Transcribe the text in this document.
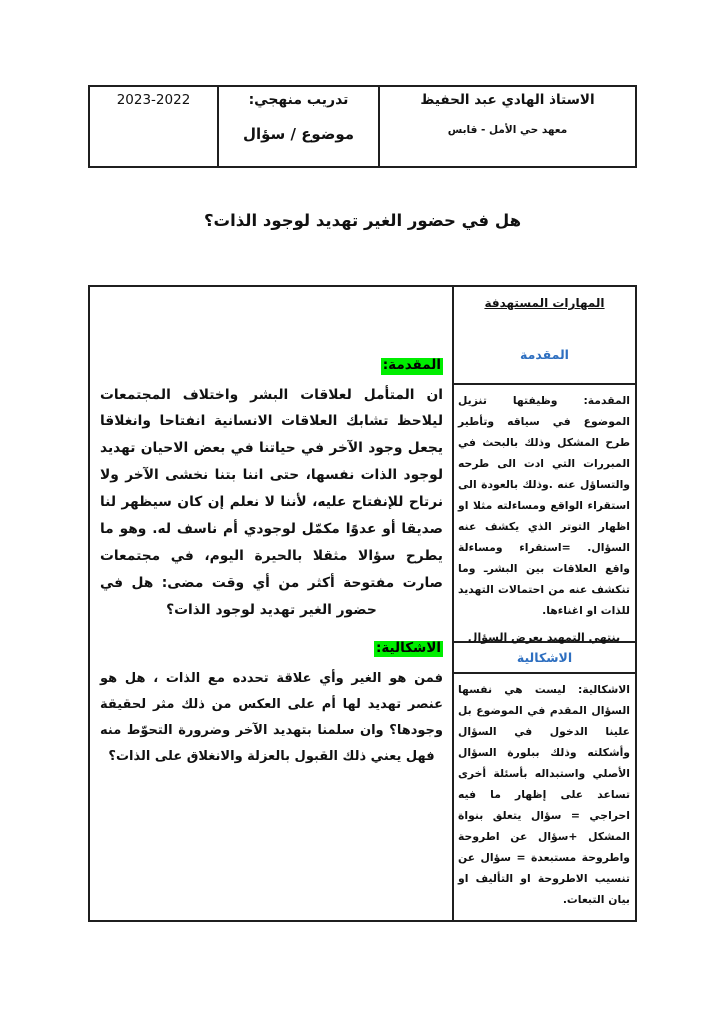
الاستاذ الهادي عبد الحفيظ
معهد حي الأمل - قابس
تدريب منهجي:
موضوع / سؤال
2023-2022
هل في حضور الغير تهديد لوجود الذات؟
المهارات المستهدفة
المقدمة
المقدمة: وظيفتها تنزيل الموضوع في سياقه وتأطير طرح المشكل وذلك بالبحث في المبررات التي ادت الى طرحه والتساؤل عنه .وذلك بالعودة الى استقراء الواقع ومساءلته مثلا او اظهار التوتر الذي يكشف عنه السؤال. =استقراء ومساءلة واقع العلاقات بين البشرـ وما تنكشف عنه من احتمالات التهديد للذات او اغناءها.
ينتهي التمهيد بعرض السؤال
الاشكالية
الاشكالية: ليست هي نفسها السؤال المقدم في الموضوع بل علينا الدخول في السؤال وأشكلته وذلك ببلورة السؤال الأصلي واستبداله بأسئلة أخرى تساعد على إظهار ما فيه احراجي = سؤال يتعلق بنواة المشكل +سؤال عن اطروحة واطروحة مستبعدة = سؤال عن تنسيب الاطروحة او التأليف او بيان التبعات.
المقدمة:
ان المتأمل لعلاقات البشر واختلاف المجتمعات ليلاحظ تشابك العلاقات الانسانية انفتاحا وانغلاقا يجعل وجود الآخر في حياتنا في بعض الاحيان تهديد لوجود الذات نفسها، حتى اننا بتنا نخشى الآخر ولا نرتاح للإنفتاح عليه، لأننا لا نعلم إن كان سيظهر لنا صديقا أو عدوًا مكمّل لوجودي أم ناسف له. وهو ما يطرح سؤالا مثقلا بالحيرة اليوم، في مجتمعات صارت مفتوحة أكثر من أي وقت مضى: هل في حضور الغير تهديد لوجود الذات؟
الاشكالية:
فمن هو الغير وأي علاقة تحدده مع الذات ، هل هو عنصر تهديد لها أم على العكس من ذلك مثر لحقيقة وجودها؟ وان سلمنا بتهديد الآخر وضرورة التحوّط منه فهل يعني ذلك القبول بالعزلة والانغلاق على الذات؟
